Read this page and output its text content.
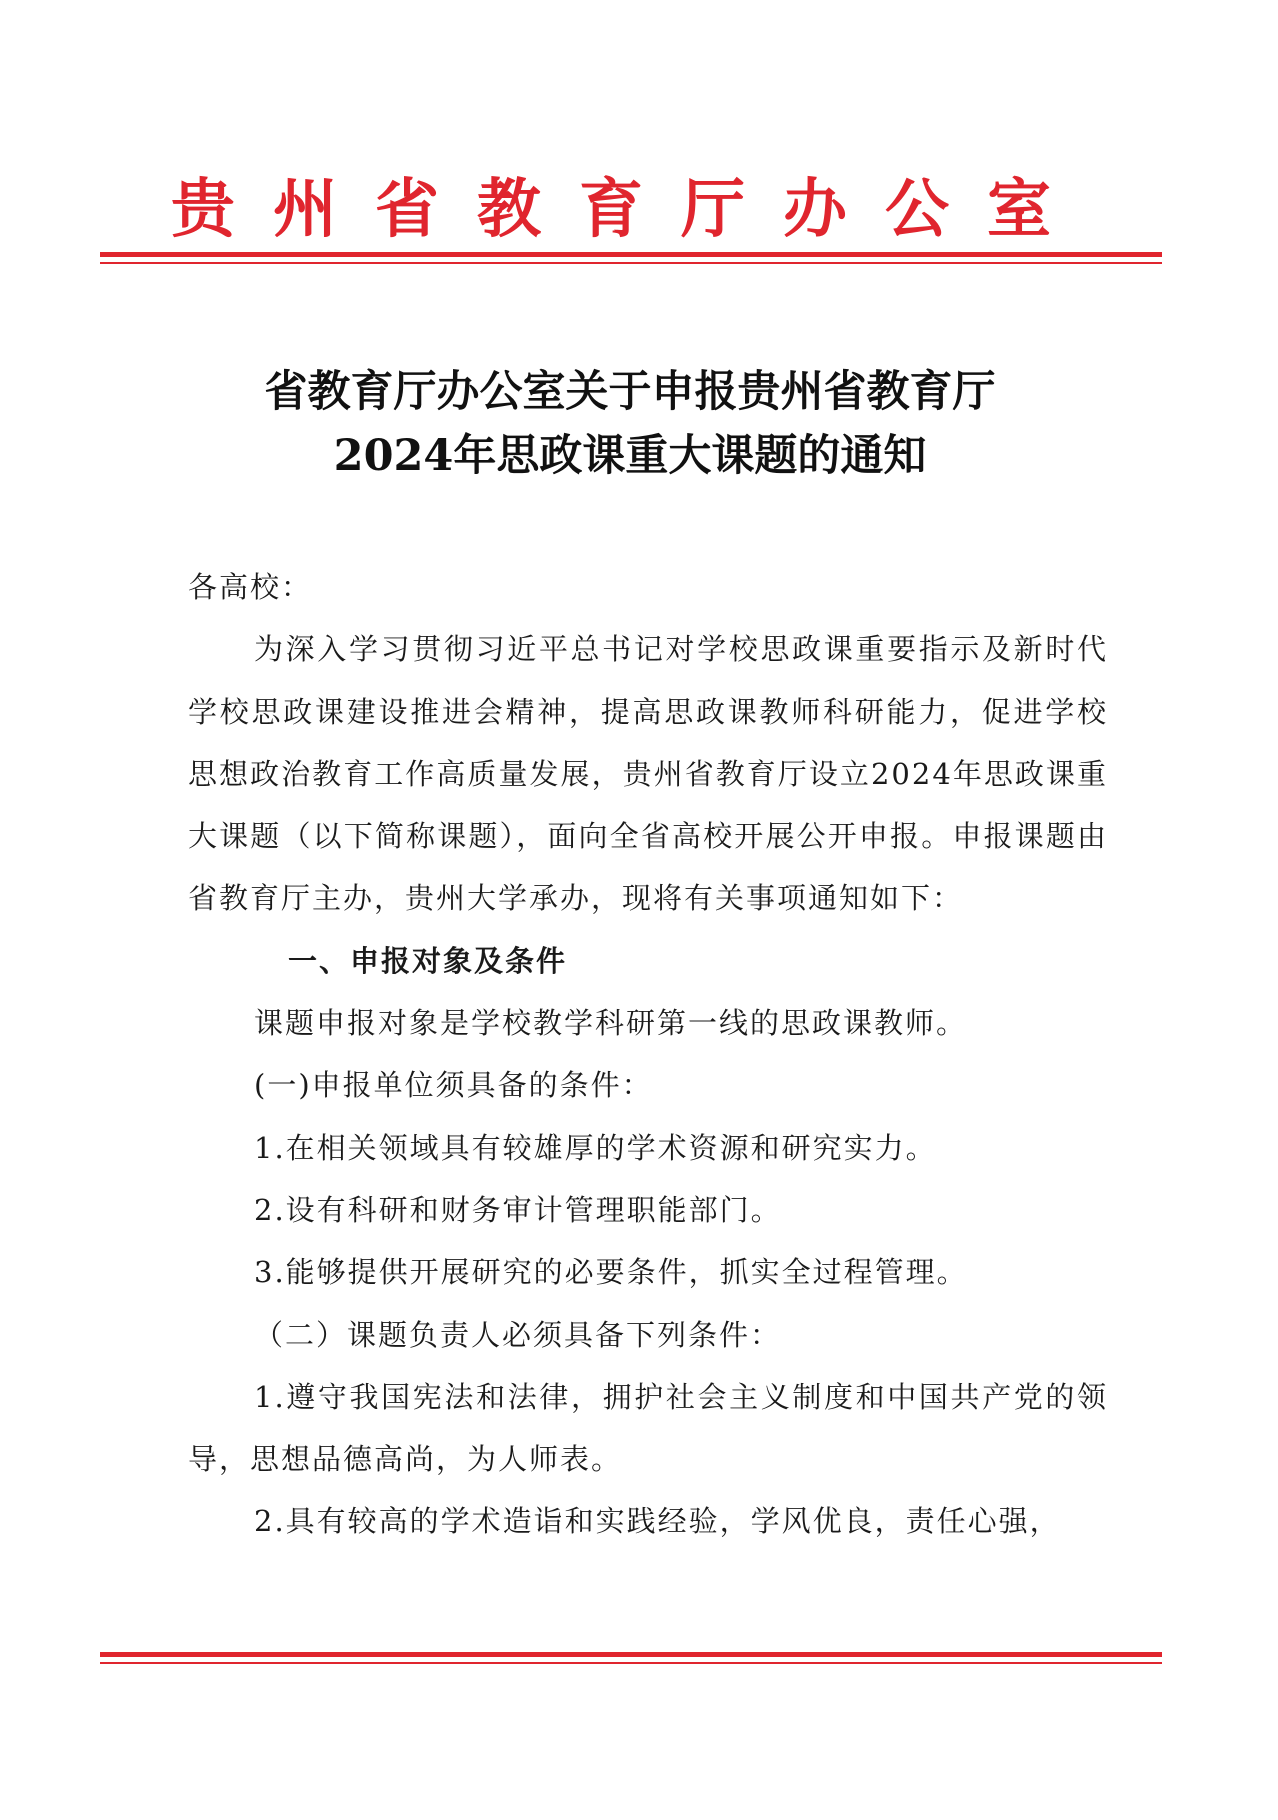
贵州省教育厅办公室
省教育厅办公室关于申报贵州省教育厅
2024年思政课重大课题的通知

各高校：

为深入学习贯彻习近平总书记对学校思政课重要指示及新时代学校思政课建设推进会精神，提高思政课教师科研能力，促进学校思想政治教育工作高质量发展，贵州省教育厅设立2024年思政课重大课题（以下简称课题），面向全省高校开展公开申报。申报课题由省教育厅主办，贵州大学承办，现将有关事项通知如下：

一、申报对象及条件

课题申报对象是学校教学科研第一线的思政课教师。

(一)申报单位须具备的条件：

1.在相关领域具有较雄厚的学术资源和研究实力。

2.设有科研和财务审计管理职能部门。

3.能够提供开展研究的必要条件，抓实全过程管理。

（二）课题负责人必须具备下列条件：

1.遵守我国宪法和法律，拥护社会主义制度和中国共产党的领导，思想品德高尚，为人师表。

2.具有较高的学术造诣和实践经验，学风优良，责任心强，
